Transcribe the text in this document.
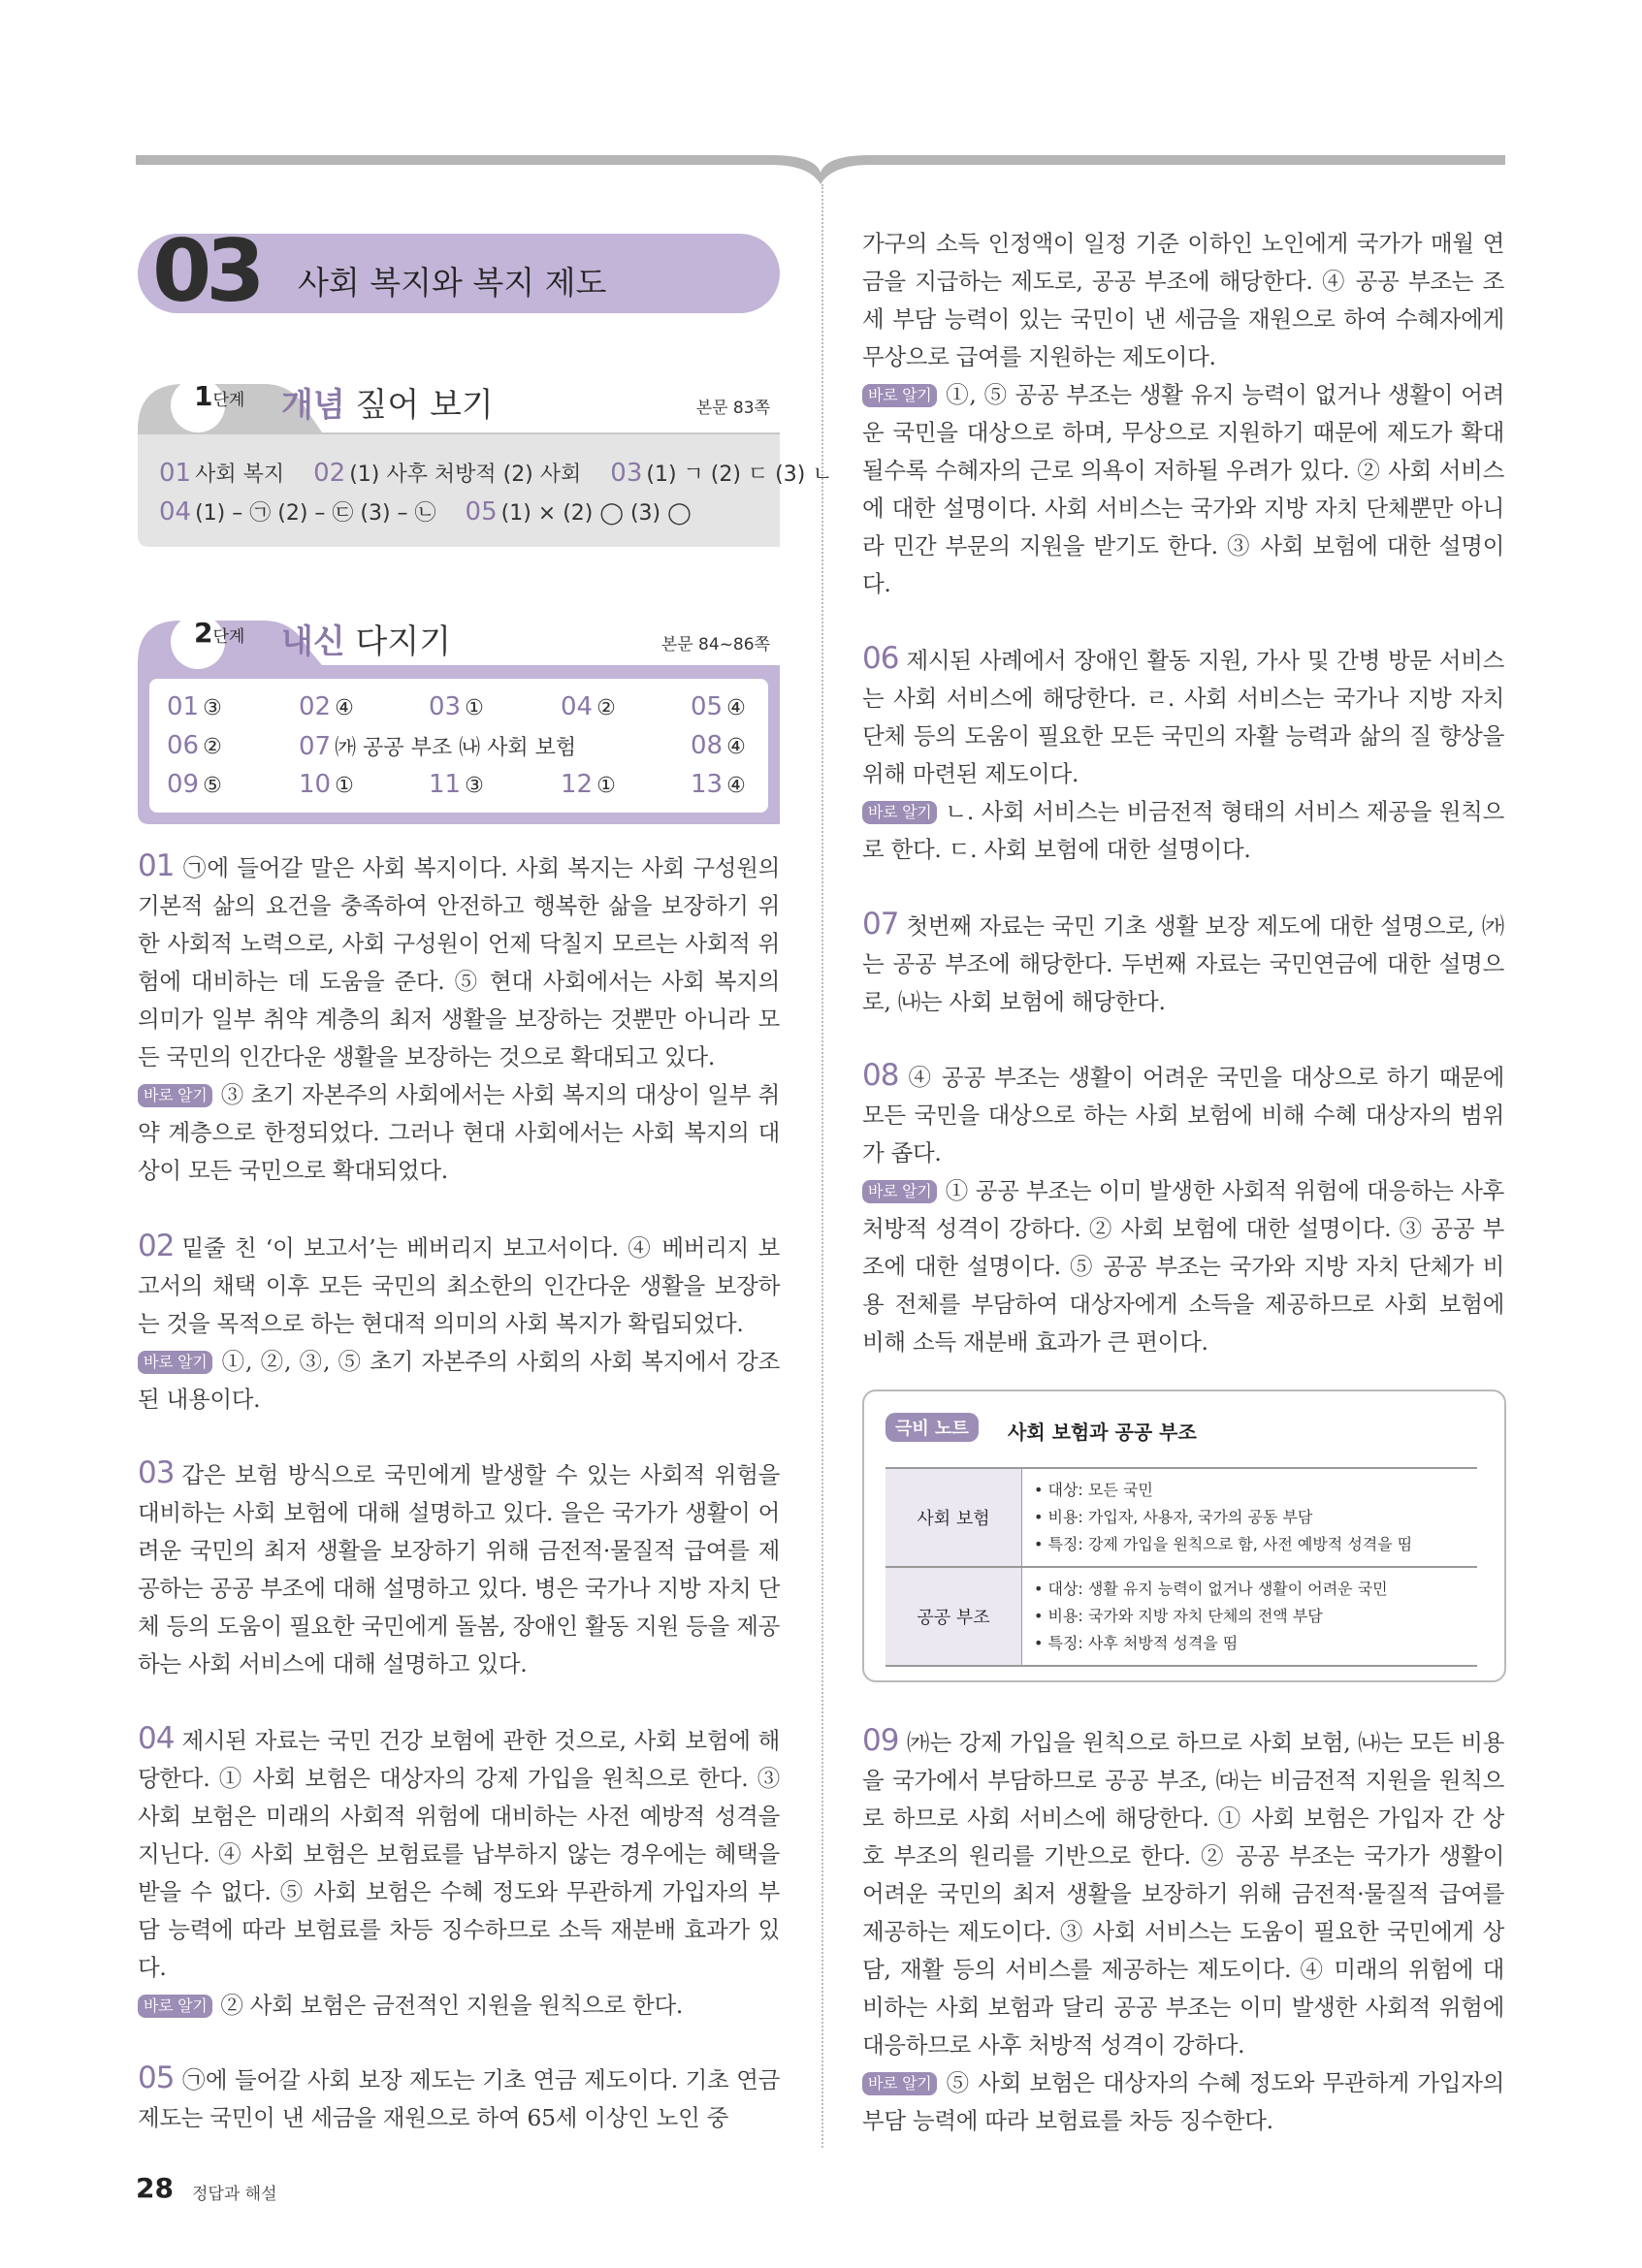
03 사회 복지와 복지 제도
1단계 개념 짚어 보기	본문 83쪽
01 사회 복지 02 (1) 사후 처방적 (2) 사회 03 (1) ㄱ (2) ㄷ (3) ㄴ
04 (1) – ㉠ (2) – ㉢ (3) – ㉡ 05 (1) × (2) ◯ (3) ◯
2단계 내신 다지기	본문 84~86쪽
01 ③	02 ④	03 ①	04 ②	05 ④
06 ②	07 ㈎ 공공 부조 ㈏ 사회 보험	08 ④
09 ⑤	10 ①	11 ③	12 ①	13 ④

01 ㉠에 들어갈 말은 사회 복지이다. 사회 복지는 사회 구성원의 기본적 삶의 요건을 충족하여 안전하고 행복한 삶을 보장하기 위한 사회적 노력으로, 사회 구성원이 언제 닥칠지 모르는 사회적 위험에 대비하는 데 도움을 준다. ⑤ 현대 사회에서는 사회 복지의 의미가 일부 취약 계층의 최저 생활을 보장하는 것뿐만 아니라 모든 국민의 인간다운 생활을 보장하는 것으로 확대되고 있다.

바로 알기 ③ 초기 자본주의 사회에서는 사회 복지의 대상이 일부 취약 계층으로 한정되었다. 그러나 현대 사회에서는 사회 복지의 대상이 모든 국민으로 확대되었다.

02 밑줄 친 ‘이 보고서’는 베버리지 보고서이다. ④ 베버리지 보고서의 채택 이후 모든 국민의 최소한의 인간다운 생활을 보장하는 것을 목적으로 하는 현대적 의미의 사회 복지가 확립되었다.

바로 알기 ①, ②, ③, ⑤ 초기 자본주의 사회의 사회 복지에서 강조된 내용이다.

03 갑은 보험 방식으로 국민에게 발생할 수 있는 사회적 위험을 대비하는 사회 보험에 대해 설명하고 있다. 을은 국가가 생활이 어려운 국민의 최저 생활을 보장하기 위해 금전적·물질적 급여를 제공하는 공공 부조에 대해 설명하고 있다. 병은 국가나 지방 자치 단체 등의 도움이 필요한 국민에게 돌봄, 장애인 활동 지원 등을 제공하는 사회 서비스에 대해 설명하고 있다.

04 제시된 자료는 국민 건강 보험에 관한 것으로, 사회 보험에 해당한다. ① 사회 보험은 대상자의 강제 가입을 원칙으로 한다. ③ 사회 보험은 미래의 사회적 위험에 대비하는 사전 예방적 성격을 지닌다. ④ 사회 보험은 보험료를 납부하지 않는 경우에는 혜택을 받을 수 없다. ⑤ 사회 보험은 수혜 정도와 무관하게 가입자의 부담 능력에 따라 보험료를 차등 징수하므로 소득 재분배 효과가 있다.

바로 알기 ② 사회 보험은 금전적인 지원을 원칙으로 한다.

05 ㉠에 들어갈 사회 보장 제도는 기초 연금 제도이다. 기초 연금 제도는 국민이 낸 세금을 재원으로 하여 65세 이상인 노인 중

가구의 소득 인정액이 일정 기준 이하인 노인에게 국가가 매월 연금을 지급하는 제도로, 공공 부조에 해당한다. ④ 공공 부조는 조세 부담 능력이 있는 국민이 낸 세금을 재원으로 하여 수혜자에게 무상으로 급여를 지원하는 제도이다.

바로 알기 ①, ⑤ 공공 부조는 생활 유지 능력이 없거나 생활이 어려운 국민을 대상으로 하며, 무상으로 지원하기 때문에 제도가 확대될수록 수혜자의 근로 의욕이 저하될 우려가 있다. ② 사회 서비스에 대한 설명이다. 사회 서비스는 국가와 지방 자치 단체뿐만 아니라 민간 부문의 지원을 받기도 한다. ③ 사회 보험에 대한 설명이다.

06 제시된 사례에서 장애인 활동 지원, 가사 및 간병 방문 서비스는 사회 서비스에 해당한다. ㄹ. 사회 서비스는 국가나 지방 자치 단체 등의 도움이 필요한 모든 국민의 자활 능력과 삶의 질 향상을 위해 마련된 제도이다.

바로 알기 ㄴ. 사회 서비스는 비금전적 형태의 서비스 제공을 원칙으로 한다. ㄷ. 사회 보험에 대한 설명이다.

07 첫번째 자료는 국민 기초 생활 보장 제도에 대한 설명으로, ㈎는 공공 부조에 해당한다. 두번째 자료는 국민연금에 대한 설명으로, ㈏는 사회 보험에 해당한다.

08 ④ 공공 부조는 생활이 어려운 국민을 대상으로 하기 때문에 모든 국민을 대상으로 하는 사회 보험에 비해 수혜 대상자의 범위가 좁다.

바로 알기 ① 공공 부조는 이미 발생한 사회적 위험에 대응하는 사후 처방적 성격이 강하다. ② 사회 보험에 대한 설명이다. ③ 공공 부조에 대한 설명이다. ⑤ 공공 부조는 국가와 지방 자치 단체가 비용 전체를 부담하여 대상자에게 소득을 제공하므로 사회 보험에 비해 소득 재분배 효과가 큰 편이다.

09 ㈎는 강제 가입을 원칙으로 하므로 사회 보험, ㈏는 모든 비용을 국가에서 부담하므로 공공 부조, ㈐는 비금전적 지원을 원칙으로 하므로 사회 서비스에 해당한다. ① 사회 보험은 가입자 간 상호 부조의 원리를 기반으로 한다. ② 공공 부조는 국가가 생활이 어려운 국민의 최저 생활을 보장하기 위해 금전적·물질적 급여를 제공하는 제도이다. ③ 사회 서비스는 도움이 필요한 국민에게 상담, 재활 등의 서비스를 제공하는 제도이다. ④ 미래의 위험에 대비하는 사회 보험과 달리 공공 부조는 이미 발생한 사회적 위험에 대응하므로 사후 처방적 성격이 강하다.

바로 알기 ⑤ 사회 보험은 대상자의 수혜 정도와 무관하게 가입자의 부담 능력에 따라 보험료를 차등 징수한다.

극비 노트	사회 보험과 공공 부조
사회 보험	• 대상: 모든 국민
• 비용: 가입자, 사용자, 국가의 공동 부담
• 특징: 강제 가입을 원칙으로 함, 사전 예방적 성격을 띰

공공 부조	• 대상: 생활 유지 능력이 없거나 생활이 어려운 국민
• 비용: 국가와 지방 자치 단체의 전액 부담
• 특징: 사후 처방적 성격을 띰
28 정답과 해설
